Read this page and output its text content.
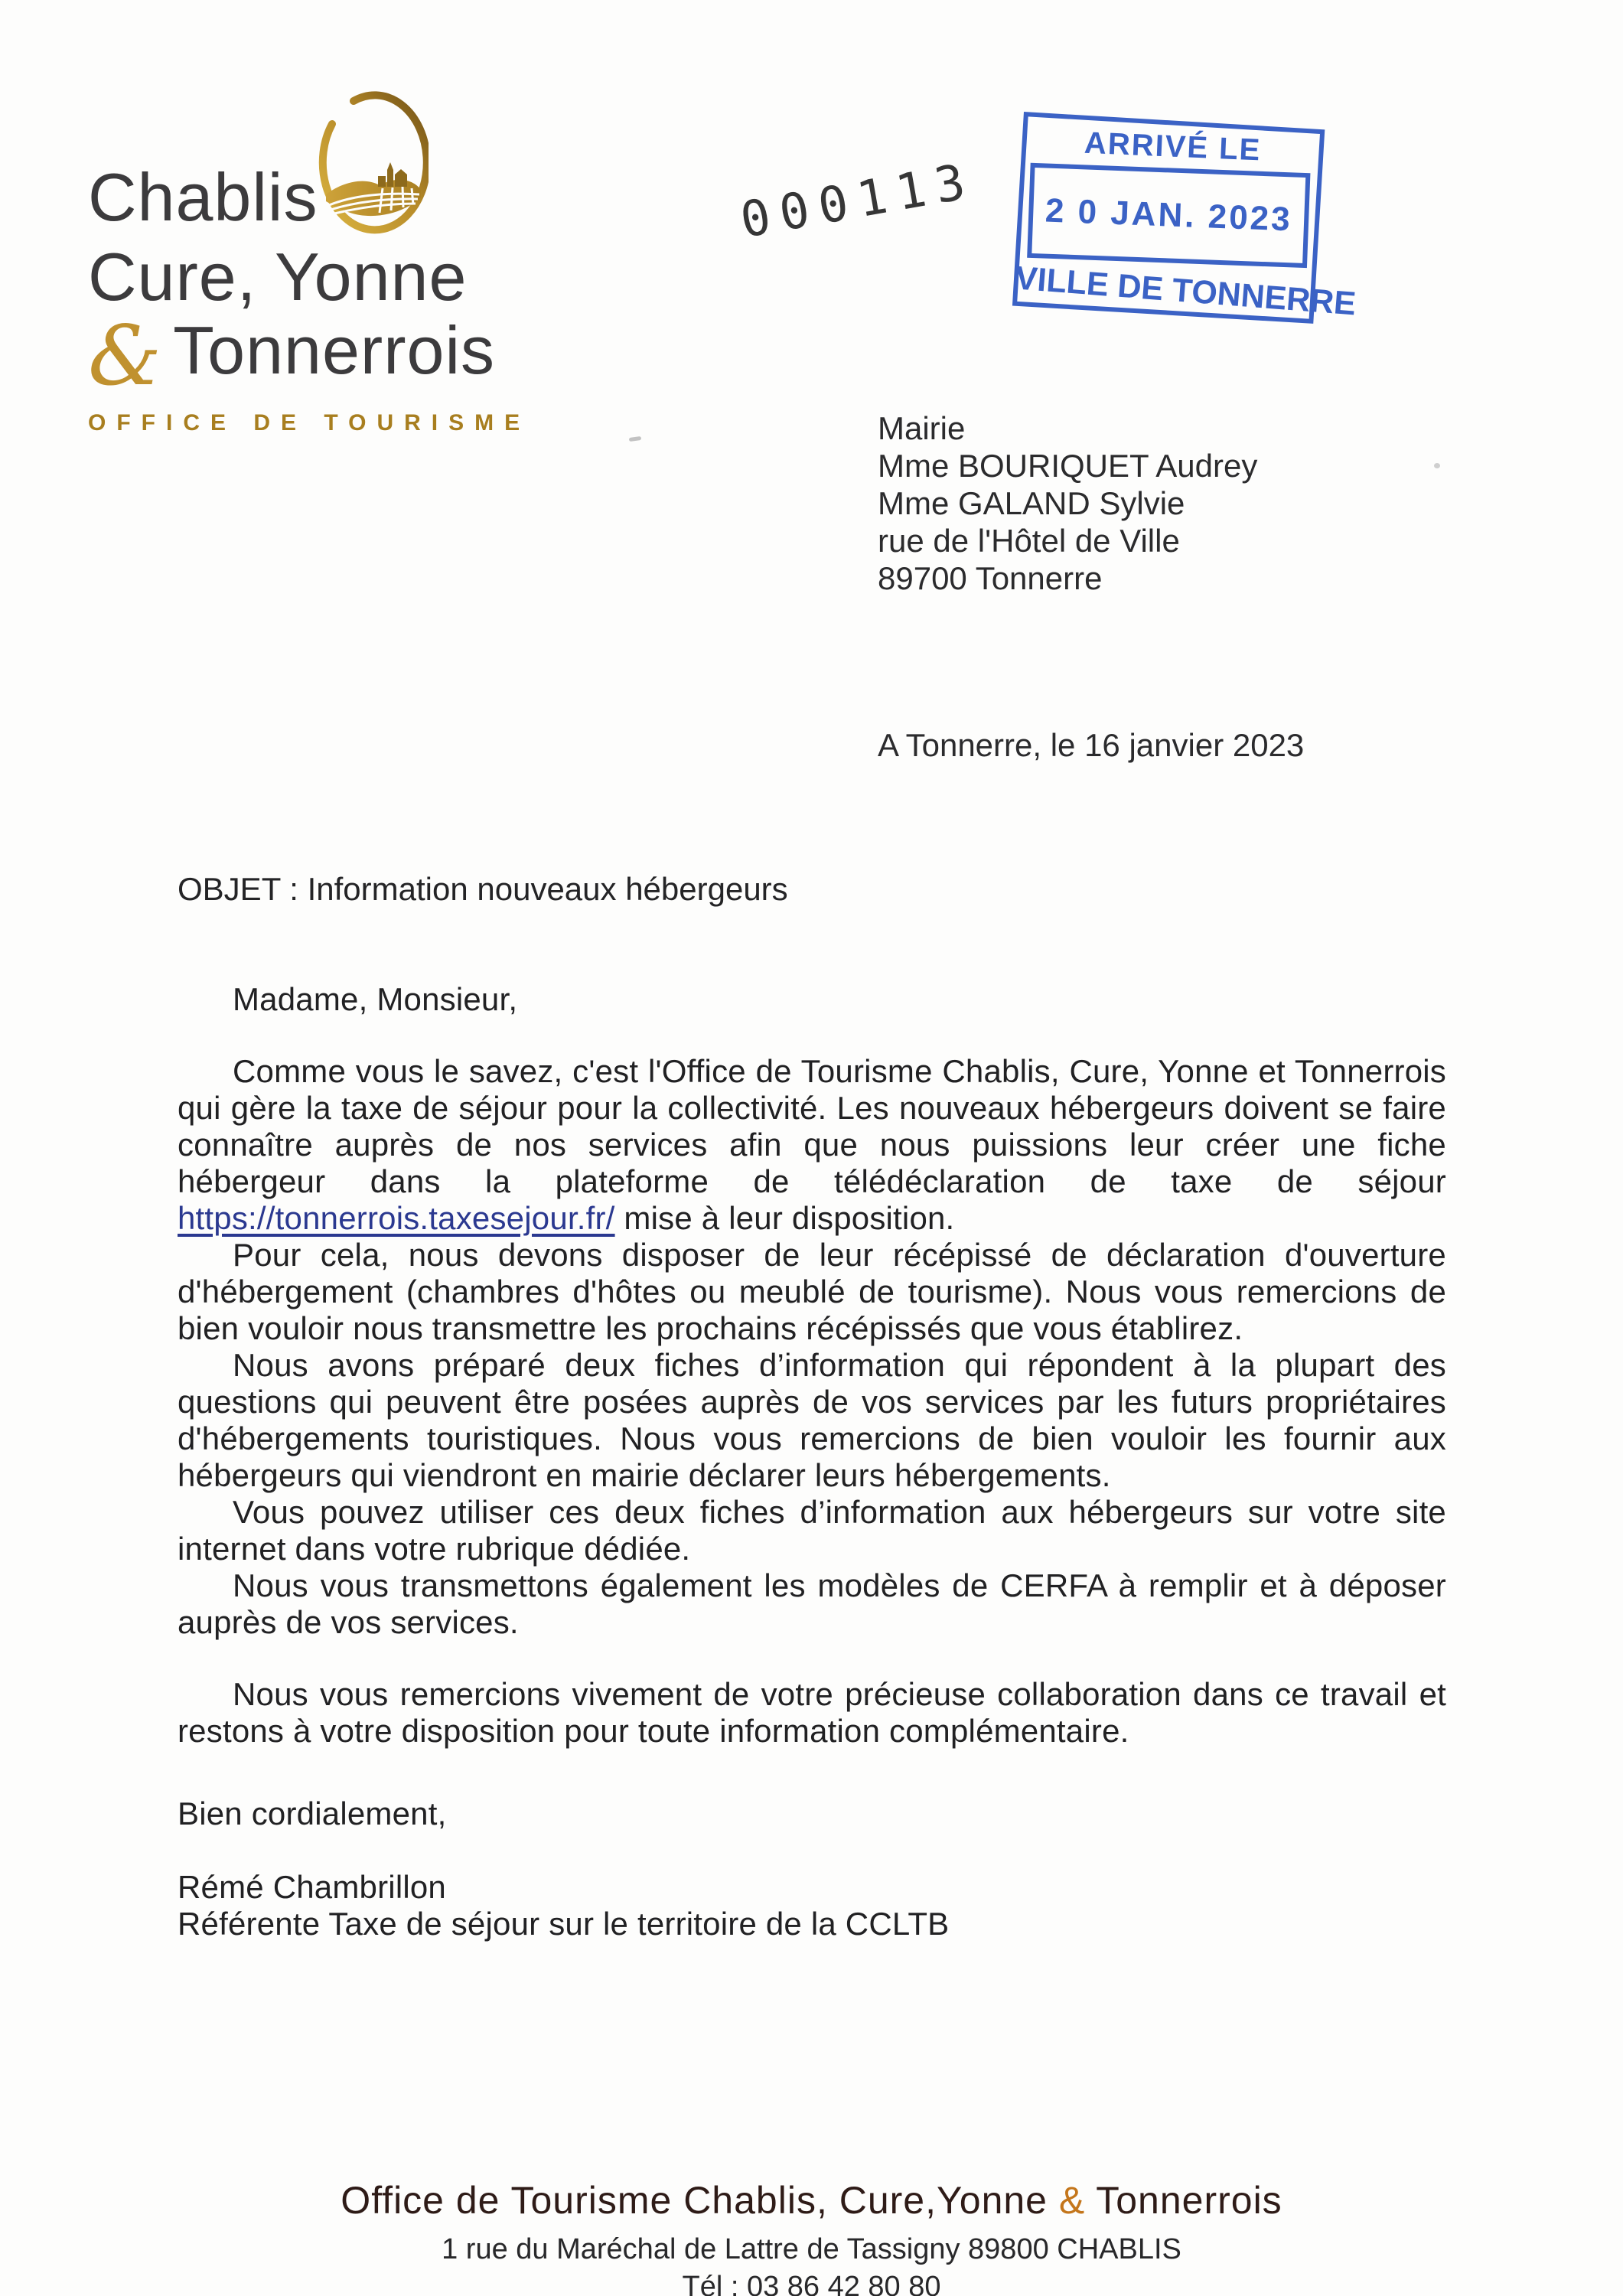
Chablis
Cure, Yonne
& Tonnerrois
OFFICE DE TOURISME
000113
ARRIVÉ LE
2 0 JAN. 2023
VILLE DE TONNERRE
Mairie
Mme BOURIQUET Audrey
Mme GALAND Sylvie
rue de l'Hôtel de Ville
89700 Tonnerre
A Tonnerre, le 16 janvier 2023
OBJET : Information nouveaux hébergeurs

Madame, Monsieur,

Comme vous le savez, c'est l'Office de Tourisme Chablis, Cure, Yonne et Tonnerrois qui gère la taxe de séjour pour la collectivité. Les nouveaux hébergeurs doivent se faire connaître auprès de nos services afin que nous puissions leur créer une fiche hébergeur dans la plateforme de télédéclaration de taxe de séjour https://tonnerrois.taxesejour.fr/ mise à leur disposition.

Pour cela, nous devons disposer de leur récépissé de déclaration d'ouverture d'hébergement (chambres d'hôtes ou meublé de tourisme). Nous vous remercions de bien vouloir nous transmettre les prochains récépissés que vous établirez.

Nous avons préparé deux fiches d’information qui répondent à la plupart des questions qui peuvent être posées auprès de vos services par les futurs propriétaires d'hébergements touristiques. Nous vous remercions de bien vouloir les fournir aux hébergeurs qui viendront en mairie déclarer leurs hébergements.

Vous pouvez utiliser ces deux fiches d’information aux hébergeurs sur votre site internet dans votre rubrique dédiée.

Nous vous transmettons également les modèles de CERFA à remplir et à déposer auprès de vos services.

Nous vous remercions vivement de votre précieuse collaboration dans ce travail et restons à votre disposition pour toute information complémentaire.

Bien cordialement,

Rémé Chambrillon

Référente Taxe de séjour sur le territoire de la CCLTB

Office de Tourisme Chablis, Cure,Yonne & Tonnerrois
1 rue du Maréchal de Lattre de Tassigny 89800 CHABLIS
Tél : 03 86 42 80 80
